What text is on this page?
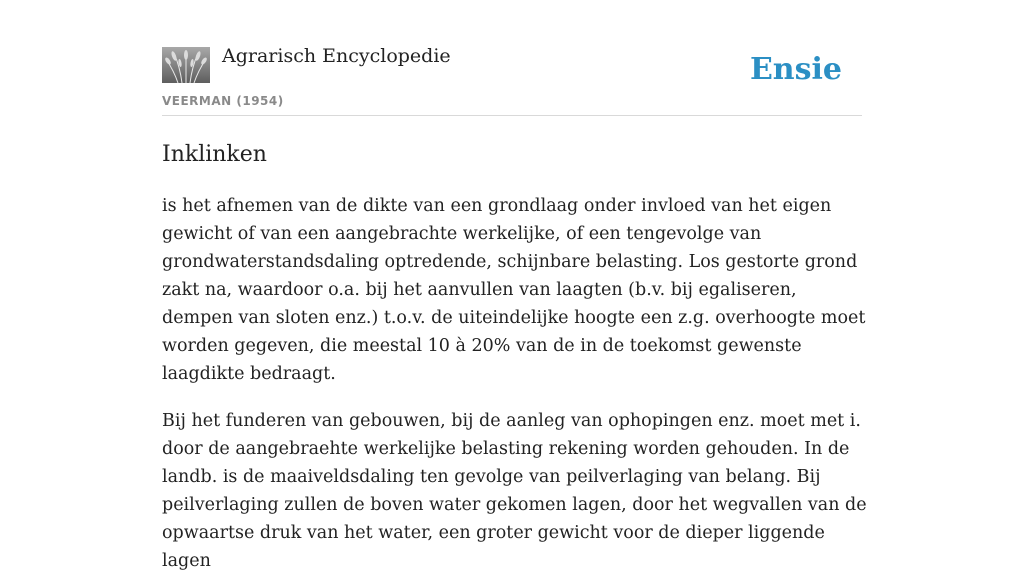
Agrarisch Encyclopedie
VEERMAN (1954)
Ensie
Inklinken

is het afnemen van de dikte van een grondlaag onder invloed van het eigen gewicht of van een aangebrachte werkelijke, of een tengevolge van grondwaterstandsdaling optredende, schijnbare belasting. Los gestorte grond zakt na, waardoor o.a. bij het aanvullen van laagten (b.v. bij egaliseren, dempen van sloten enz.) t.o.v. de uiteindelijke hoogte een z.g. overhoogte moet worden gegeven, die meestal 10 à 20% van de in de toekomst gewenste laagdikte bedraagt.

Bij het funderen van gebouwen, bij de aanleg van ophopingen enz. moet met i. door de aangebraehte werkelijke belasting rekening worden gehouden. In de landb. is de maaiveldsdaling ten gevolge van peilverlaging van belang. Bij peilverlaging zullen de boven water gekomen lagen, door het wegvallen van de opwaartse druk van het water, een groter gewicht voor de dieper liggende lagen
